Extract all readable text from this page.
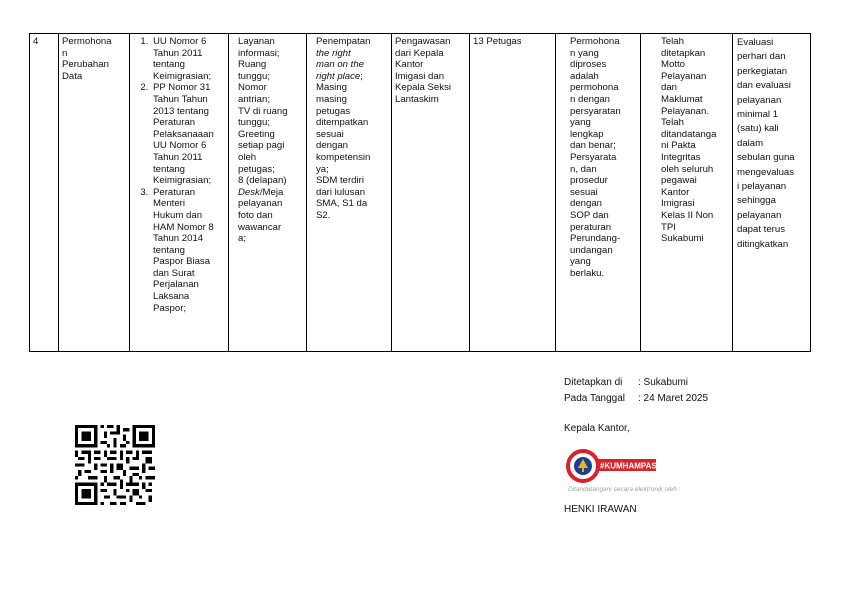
4	Permohona
n
Perubahan
Data	
1. UU Nomor 6
Tahun 2011
tentang
Keimigrasian;
2. PP Nomor 31
Tahun Tahun
2013 tentang
Peraturan
Pelaksanaaan
UU Nomor 6
Tahun 2011
tentang
Keimigrasian;
3. Peraturan
Menteri
Hukum dan
HAM Nomor 8
Tahun 2014
tentang
Paspor Biasa
dan Surat
Perjalanan
Laksana
Paspor;
	Layanan
informasi;
Ruang
tunggu;
Nomor
antrian;
TV di ruang
tunggu;
Greeting
setiap pagi
oleh
petugas;
8 (delapan)
Desk/Meja
pelayanan
foto dan
wawancar
a;	Penempatan
the right
man on the
right place;
Masing
masing
petugas
ditempatkan
sesuai
dengan
kompetensin
ya;
SDM terdiri
dari lulusan
SMA, S1 da
S2.	Pengawasan
dari Kepala
Kantor
Imigasi dan
Kepala Seksi
Lantaskim	13 Petugas	Permohona
n yang
diproses
adalah
permohona
n dengan
persyaratan
yang
lengkap
dan benar;
Persyarata
n, dan
prosedur
sesuai
dengan
SOP dan
peraturan
Perundang-
undangan
yang
berlaku.	Telah
ditetapkan
Motto
Pelayanan
dan
Maklumat
Pelayanan.
Telah
ditandatanga
ni Pakta
Integritas
oleh seluruh
pegawai
Kantor
Imigrasi
Kelas II Non
TPI
Sukabumi	Evaluasi
perhari dan
perkegiatan
dan evaluasi
pelayanan
minimal 1
(satu) kali
dalam
sebulan guna
mengevaluas
i pelayanan
sehingga
pelayanan
dapat terus
ditingkatkan
Ditetapkan di : Sukabumi
Pada Tanggal : 24 Maret 2025
Kepala Kantor,
#KUMHAMPASTI
Ditandatangani secara elektronik oleh :
HENKI IRAWAN
